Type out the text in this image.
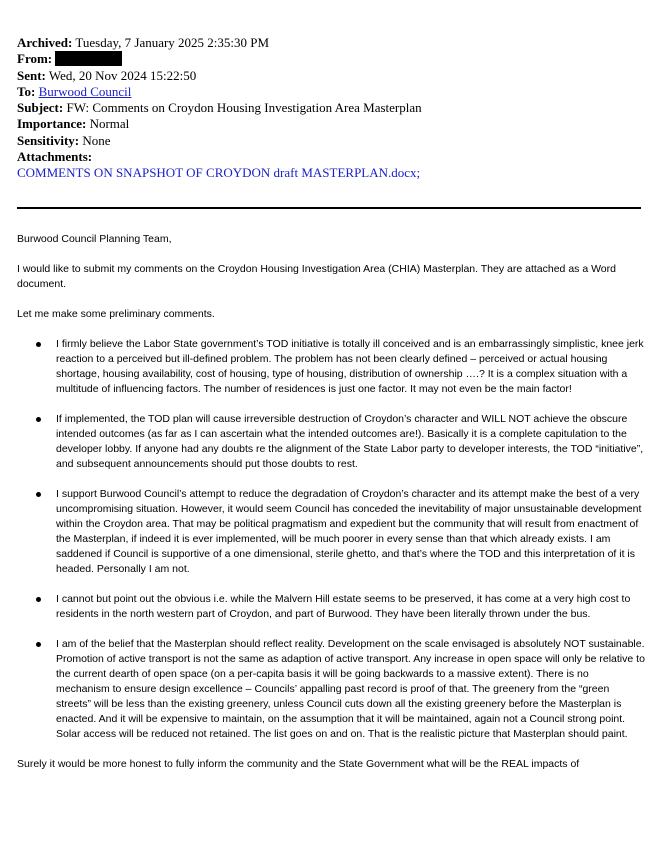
Archived: Tuesday, 7 January 2025 2:35:30 PM
From:
Sent: Wed, 20 Nov 2024 15:22:50
To: Burwood Council
Subject: FW: Comments on Croydon Housing Investigation Area Masterplan
Importance: Normal
Sensitivity: None
Attachments:
COMMENTS ON SNAPSHOT OF CROYDON draft MASTERPLAN.docx;

Burwood Council Planning Team,

I would like to submit my comments on the Croydon Housing Investigation Area (CHIA) Masterplan. They are attached as a Word document.

Let me make some preliminary comments.

I firmly believe the Labor State government’s TOD initiative is totally ill conceived and is an embarrassingly simplistic, knee jerk reaction to a perceived but ill-defined problem. The problem has not been clearly defined – perceived or actual housing shortage, housing availability, cost of housing, type of housing, distribution of ownership ….? It is a complex situation with a multitude of influencing factors. The number of residences is just one factor. It may not even be the main factor!
If implemented, the TOD plan will cause irreversible destruction of Croydon’s character and WILL NOT achieve the obscure intended outcomes (as far as I can ascertain what the intended outcomes are!). Basically it is a complete capitulation to the developer lobby. If anyone had any doubts re the alignment of the State Labor party to developer interests, the TOD “initiative”, and subsequent announcements should put those doubts to rest.
I support Burwood Council’s attempt to reduce the degradation of Croydon’s character and its attempt make the best of a very uncompromising situation. However, it would seem Council has conceded the inevitability of major unsustainable development within the Croydon area. That may be political pragmatism and expedient but the community that will result from enactment of the Masterplan, if indeed it is ever implemented, will be much poorer in every sense than that which already exists. I am saddened if Council is supportive of a one dimensional, sterile ghetto, and that’s where the TOD and this interpretation of it is headed. Personally I am not.
I cannot but point out the obvious i.e. while the Malvern Hill estate seems to be preserved, it has come at a very high cost to residents in the north western part of Croydon, and part of Burwood. They have been literally thrown under the bus.
I am of the belief that the Masterplan should reflect reality. Development on the scale envisaged is absolutely NOT sustainable. Promotion of active transport is not the same as adaption of active transport. Any increase in open space will only be relative to the current dearth of open space (on a per-capita basis it will be going backwards to a massive extent). There is no mechanism to ensure design excellence – Councils’ appalling past record is proof of that. The greenery from the “green streets” will be less than the existing greenery, unless Council cuts down all the existing greenery before the Masterplan is enacted. And it will be expensive to maintain, on the assumption that it will be maintained, again not a Council strong point. Solar access will be reduced not retained. The list goes on and on. That is the realistic picture that Masterplan should paint.

Surely it would be more honest to fully inform the community and the State Government what will be the REAL impacts of
